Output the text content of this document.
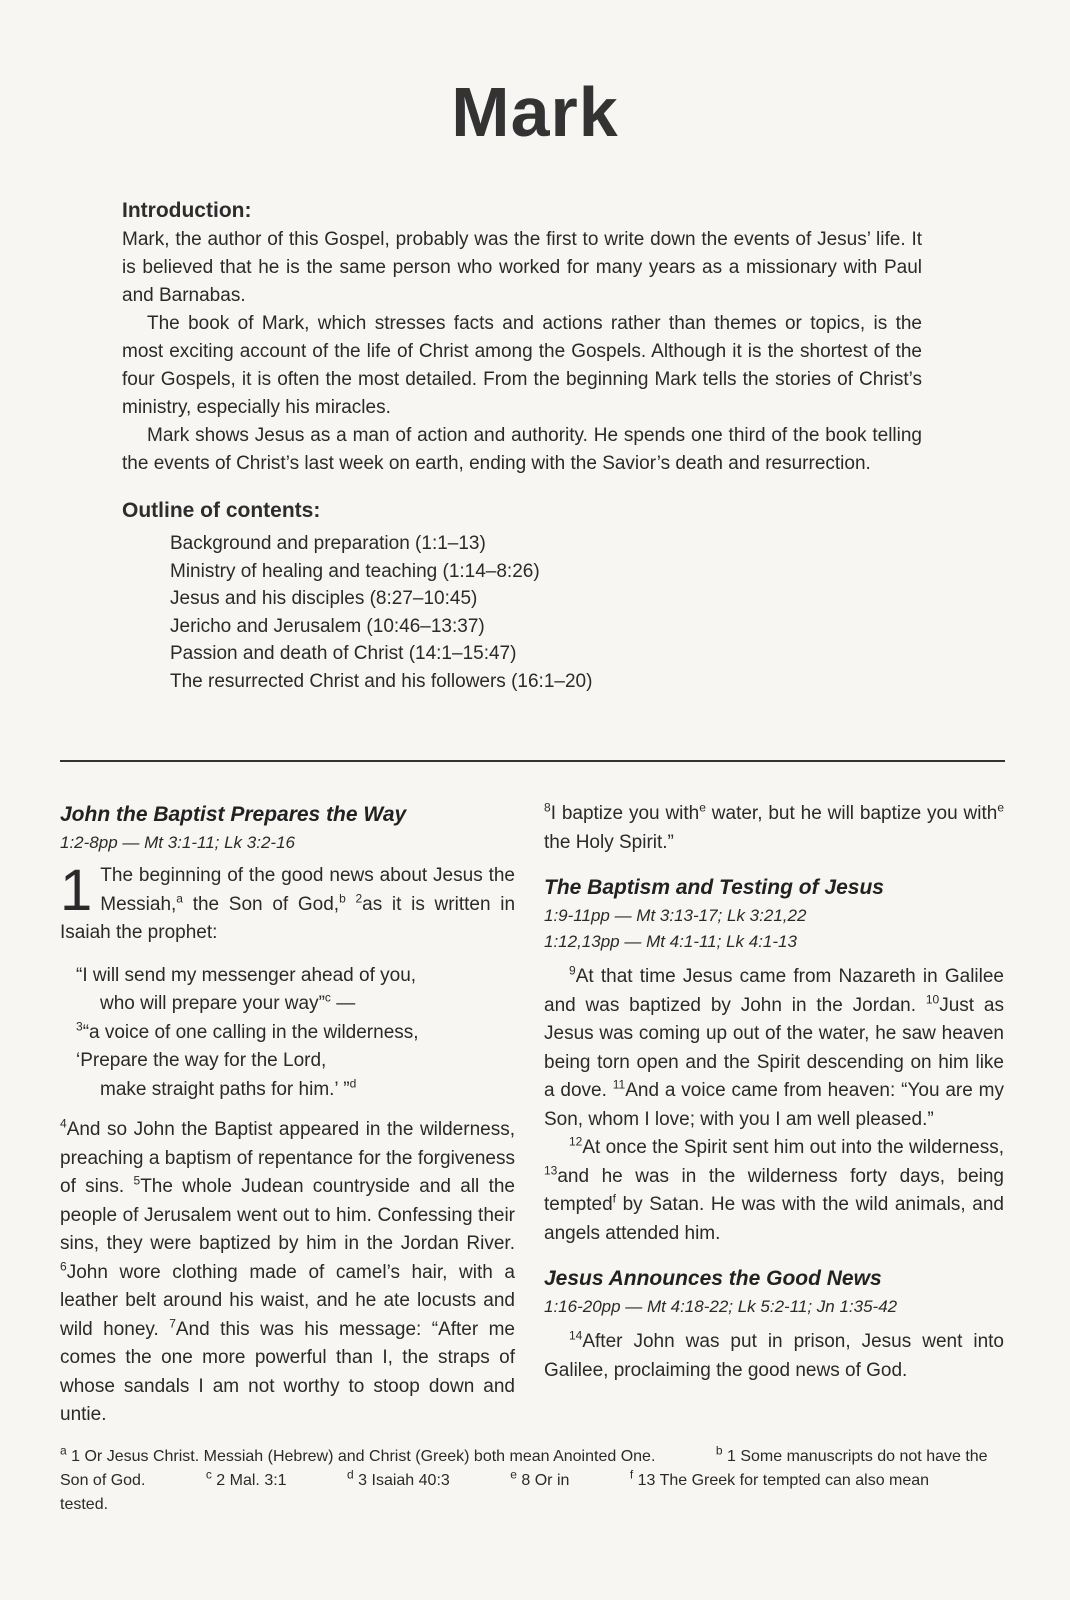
Mark
Introduction:

Mark, the author of this Gospel, probably was the first to write down the events of Jesus’ life. It is believed that he is the same person who worked for many years as a missionary with Paul and Barnabas.

The book of Mark, which stresses facts and actions rather than themes or topics, is the most exciting account of the life of Christ among the Gospels. Although it is the shortest of the four Gospels, it is often the most detailed. From the beginning Mark tells the stories of Christ’s ministry, especially his miracles.

Mark shows Jesus as a man of action and authority. He spends one third of the book telling the events of Christ’s last week on earth, ending with the Savior’s death and resurrection.

Outline of contents:
Background and preparation (1:1–13)
Ministry of healing and teaching (1:14–8:26)
Jesus and his disciples (8:27–10:45)
Jericho and Jerusalem (10:46–13:37)
Passion and death of Christ (14:1–15:47)
The resurrected Christ and his followers (16:1–20)
John the Baptist Prepares the Way

1:2-8pp — Mt 3:1-11; Lk 3:2-16

1 The beginning of the good news about Jesus the Messiah,$^a$ the Son of God,$^b$ $^2$as it is written in Isaiah the prophet:

“I will send my messenger ahead of you,
who will prepare your way”$^c$ —
$^3$“a voice of one calling in the wilderness,
‘Prepare the way for the Lord,
make straight paths for him.’ ”$^d$

$^4$And so John the Baptist appeared in the wilderness, preaching a baptism of repentance for the forgiveness of sins. $^5$The whole Judean countryside and all the people of Jerusalem went out to him. Confessing their sins, they were baptized by him in the Jordan River. $^6$John wore clothing made of camel’s hair, with a leather belt around his waist, and he ate locusts and wild honey. $^7$And this was his message: “After me comes the one more powerful than I, the straps of whose sandals I am not worthy to stoop down and untie.

$^8$I baptize you with$^e$ water, but he will baptize you with$^e$ the Holy Spirit.”

The Baptism and Testing of Jesus

1:9-11pp — Mt 3:13-17; Lk 3:21,22

1:12,13pp — Mt 4:1-11; Lk 4:1-13

$^9$At that time Jesus came from Nazareth in Galilee and was baptized by John in the Jordan. $^{10}$Just as Jesus was coming up out of the water, he saw heaven being torn open and the Spirit descending on him like a dove. $^{11}$And a voice came from heaven: “You are my Son, whom I love; with you I am well pleased.”

$^{12}$At once the Spirit sent him out into the wilderness, $^{13}$and he was in the wilderness forty days, being tempted$^f$ by Satan. He was with the wild animals, and angels attended him.

Jesus Announces the Good News

1:16-20pp — Mt 4:18-22; Lk 5:2-11; Jn 1:35-42

$^{14}$After John was put in prison, Jesus went into Galilee, proclaiming the good news of God.

$^a$ 1 Or Jesus Christ. Messiah (Hebrew) and Christ (Greek) both mean Anointed One.	$^b$ 1 Some manuscripts do not have the Son of God.	$^c$ 2 Mal. 3:1	$^d$ 3 Isaiah 40:3	$^e$ 8 Or in	$^f$ 13 The Greek for tempted can also mean tested.
